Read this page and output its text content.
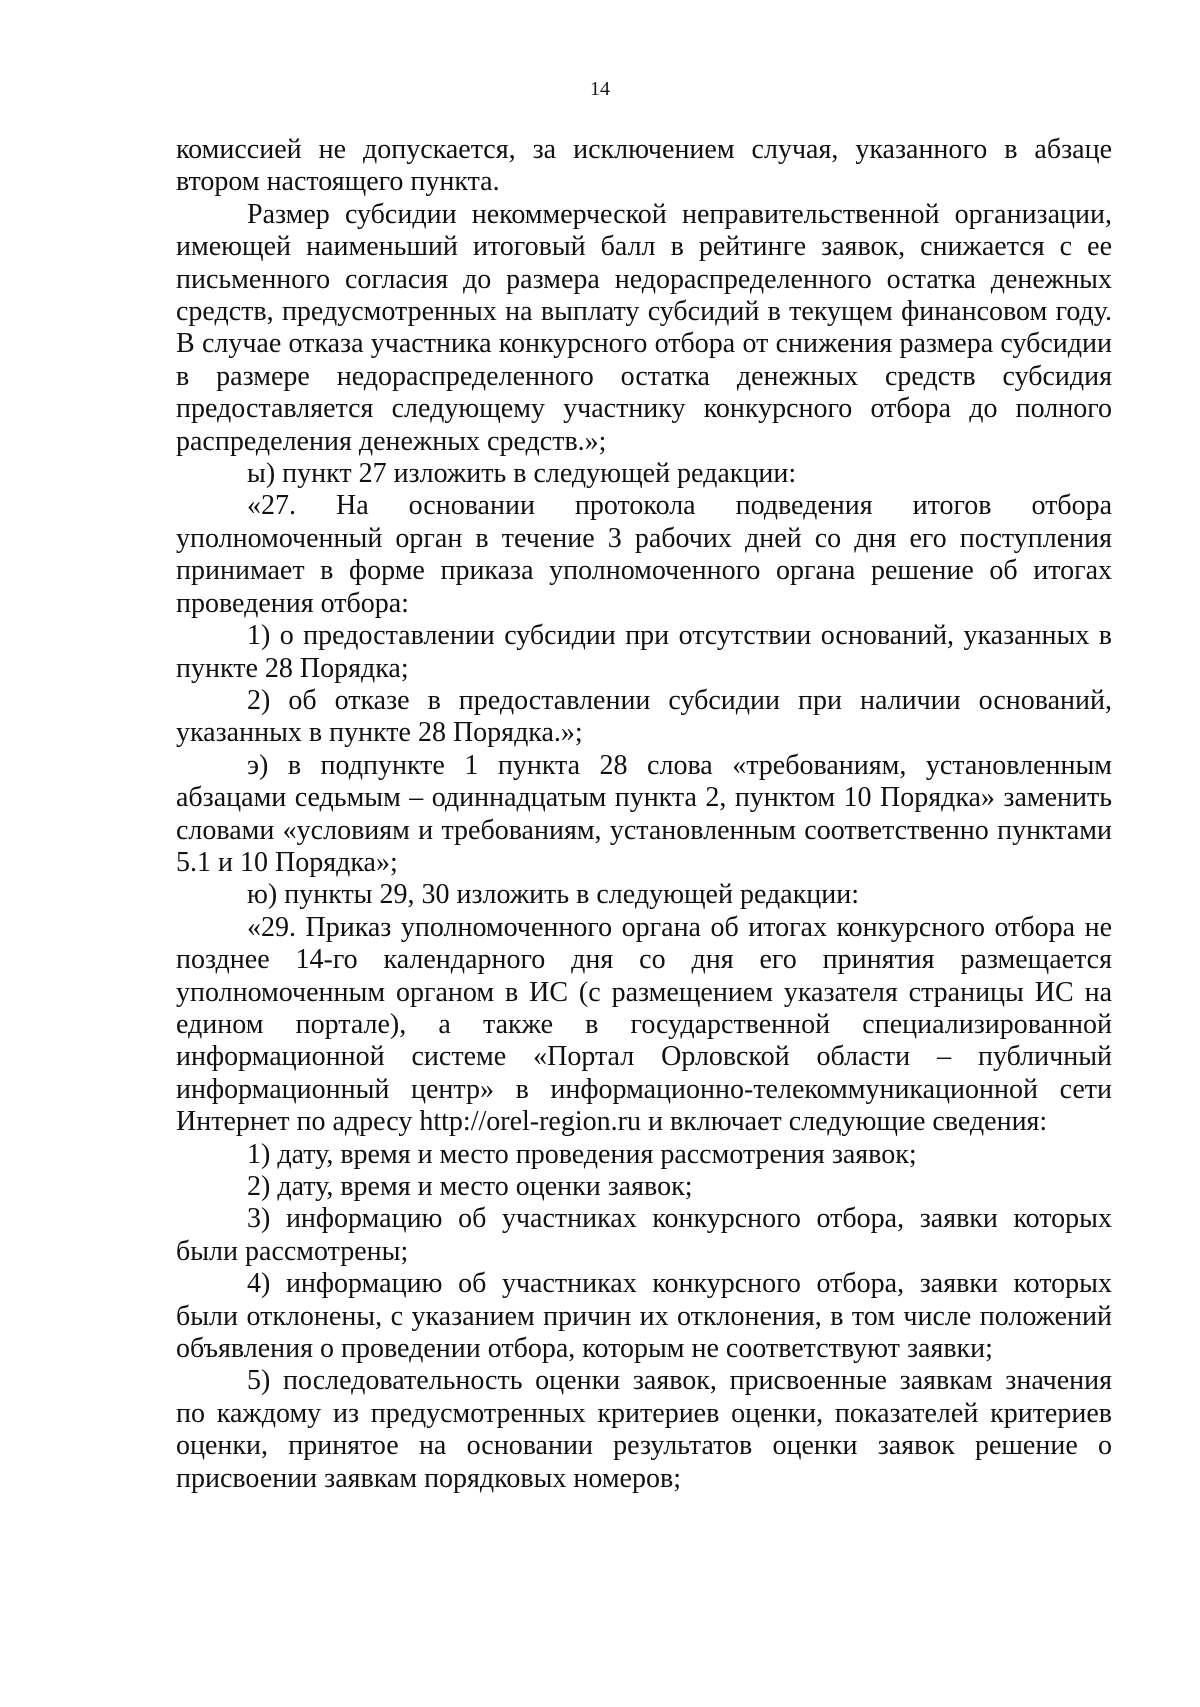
14

комиссией не допускается, за исключением случая, указанного в абзаце втором настоящего пункта.

Размер субсидии некоммерческой неправительственной организации, имеющей наименьший итоговый балл в рейтинге заявок, снижается с ее письменного согласия до размера недораспределенного остатка денежных средств, предусмотренных на выплату субсидий в текущем финансовом году. В случае отказа участника конкурсного отбора от снижения размера субсидии в размере недораспределенного остатка денежных средств субсидия предоставляется следующему участнику конкурсного отбора до полного распределения денежных средств.»;

ы) пункт 27 изложить в следующей редакции:

«27. На основании протокола подведения итогов отбора уполномоченный орган в течение 3 рабочих дней со дня его поступления принимает в форме приказа уполномоченного органа решение об итогах проведения отбора:

1) о предоставлении субсидии при отсутствии оснований, указанных в пункте 28 Порядка;

2) об отказе в предоставлении субсидии при наличии оснований, указанных в пункте 28 Порядка.»;

э) в подпункте 1 пункта 28 слова «требованиям, установленным абзацами седьмым – одиннадцатым пункта 2, пунктом 10 Порядка» заменить словами «условиям и требованиям, установленным соответственно пунктами 5.1 и 10 Порядка»;

ю) пункты 29, 30 изложить в следующей редакции:

«29. Приказ уполномоченного органа об итогах конкурсного отбора не позднее 14-го календарного дня со дня его принятия размещается уполномоченным органом в ИС (с размещением указателя страницы ИС на едином портале), а также в государственной специализированной информационной системе «Портал Орловской области – публичный информационный центр» в информационно-телекоммуникационной сети Интернет по адресу http://orel-region.ru и включает следующие сведения:

1) дату, время и место проведения рассмотрения заявок;

2) дату, время и место оценки заявок;

3) информацию об участниках конкурсного отбора, заявки которых были рассмотрены;

4) информацию об участниках конкурсного отбора, заявки которых были отклонены, с указанием причин их отклонения, в том числе положений объявления о проведении отбора, которым не соответствуют заявки;

5) последовательность оценки заявок, присвоенные заявкам значения по каждому из предусмотренных критериев оценки, показателей критериев оценки, принятое на основании результатов оценки заявок решение о присвоении заявкам порядковых номеров;
